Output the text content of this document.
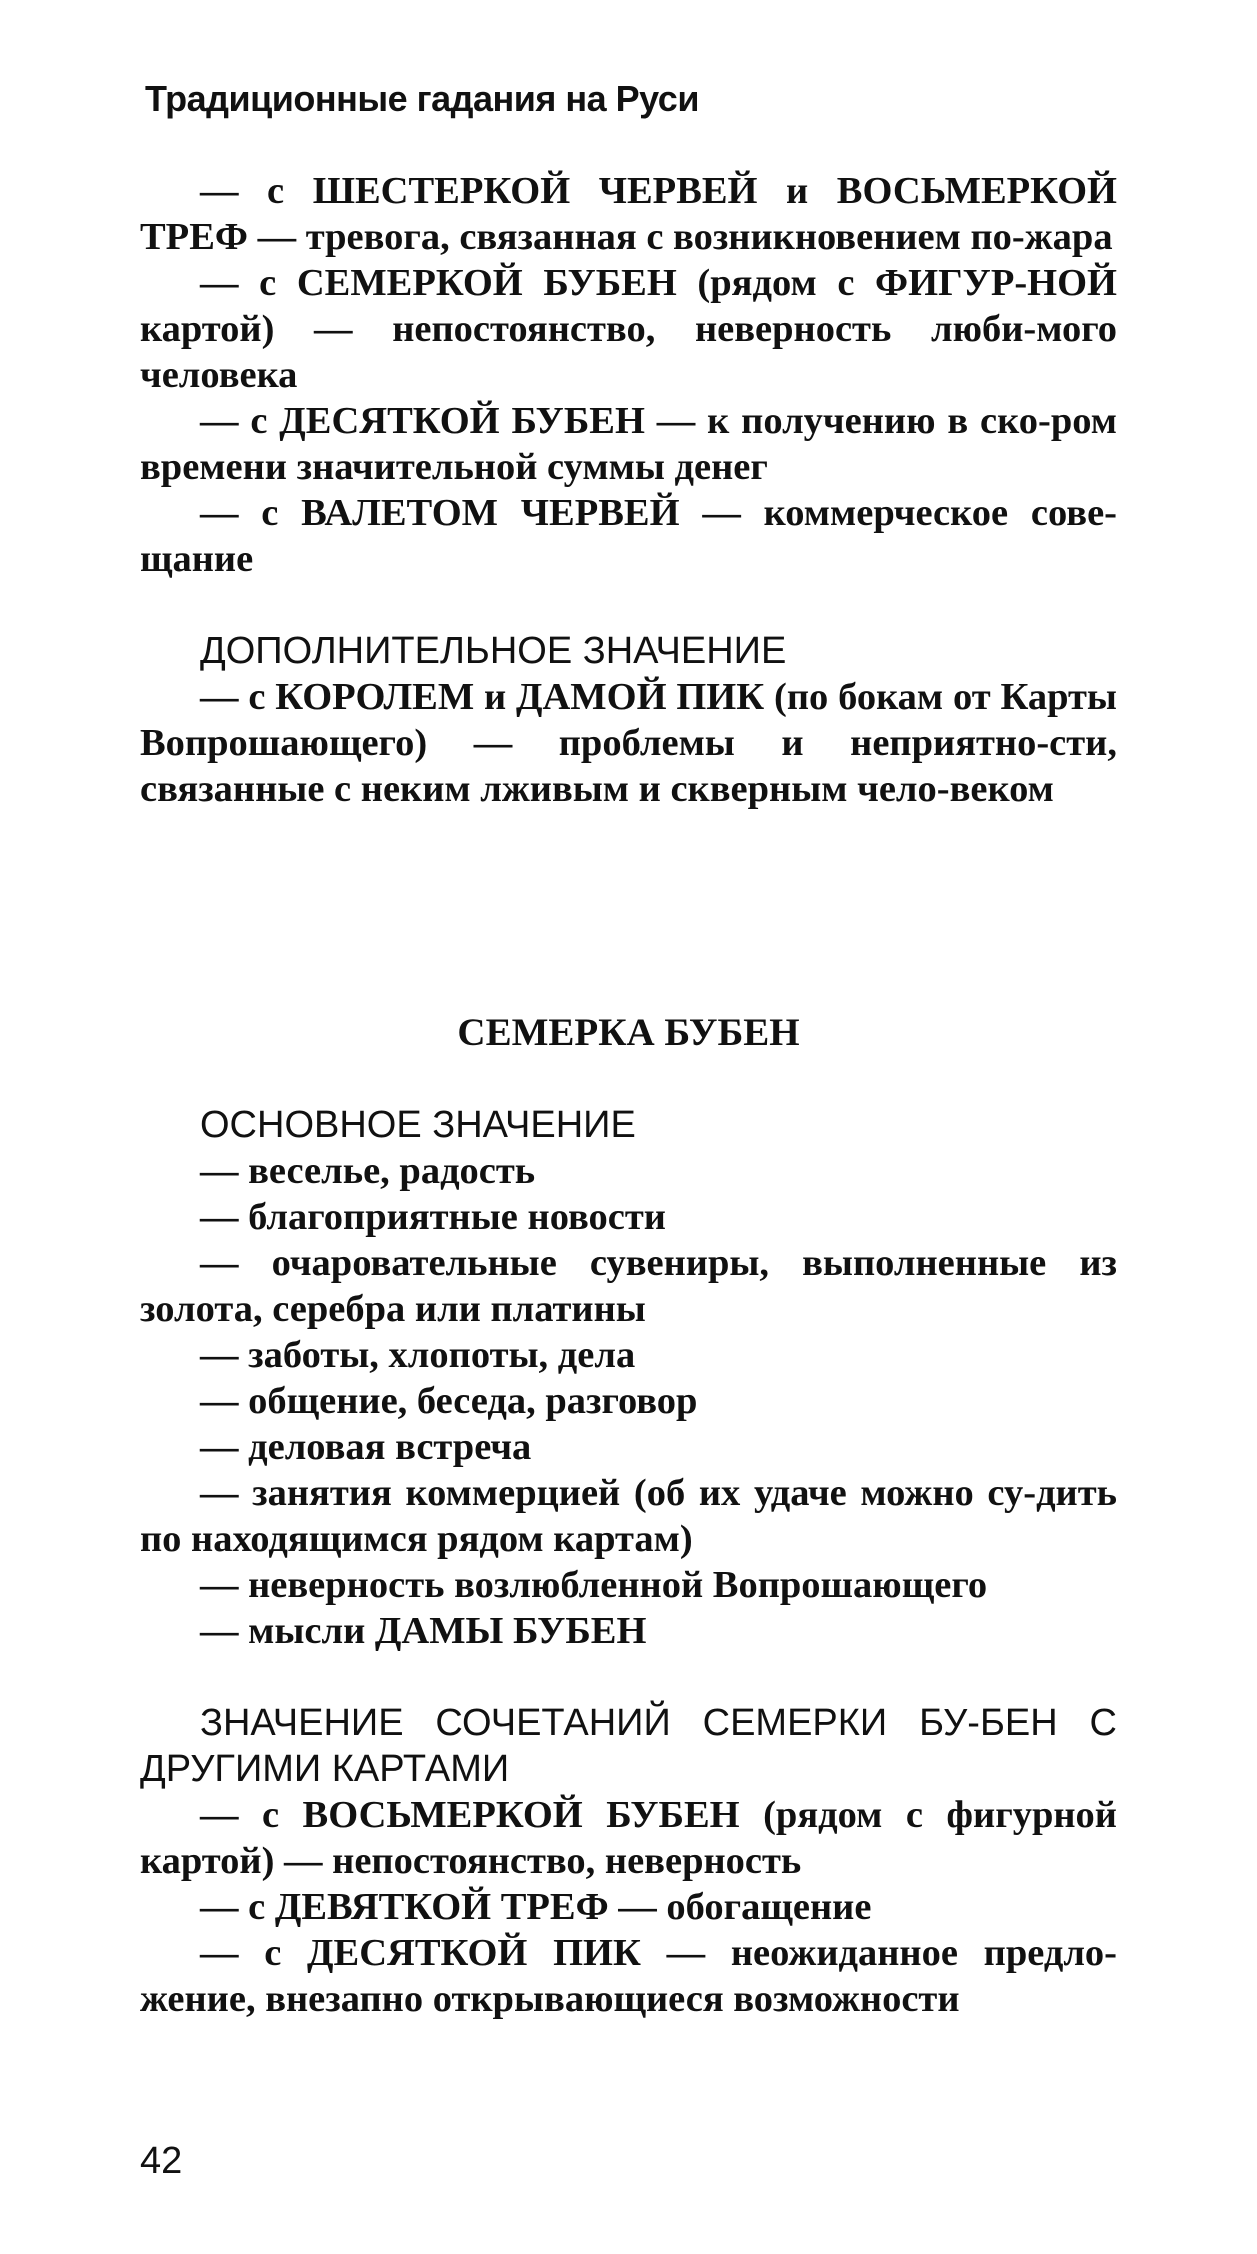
Традиционные гадания на Руси

— с ШЕСТЕРКОЙ ЧЕРВЕЙ и ВОСЬМЕРКОЙ ТРЕФ — тревога, связанная с возникновением по-жара

— с СЕМЕРКОЙ БУБЕН (рядом с ФИГУР-НОЙ картой) — непостоянство, неверность люби-мого человека

— с ДЕСЯТКОЙ БУБЕН — к получению в ско-ром времени значительной суммы денег

— с ВАЛЕТОМ ЧЕРВЕЙ — коммерческое сове-щание

ДОПОЛНИТЕЛЬНОЕ ЗНАЧЕНИЕ

— с КОРОЛЕМ и ДАМОЙ ПИК (по бокам от Карты Вопрошающего) — проблемы и неприятно-сти, связанные с неким лживым и скверным чело-веком

СЕМЕРКА БУБЕН

ОСНОВНОЕ ЗНАЧЕНИЕ

— веселье, радость

— благоприятные новости

— очаровательные сувениры, выполненные из золота, серебра или платины

— заботы, хлопоты, дела

— общение, беседа, разговор

— деловая встреча

— занятия коммерцией (об их удаче можно су-дить по находящимся рядом картам)

— неверность возлюбленной Вопрошающего

— мысли ДАМЫ БУБЕН

ЗНАЧЕНИЕ СОЧЕТАНИЙ СЕМЕРКИ БУ-БЕН С ДРУГИМИ КАРТАМИ

— с ВОСЬМЕРКОЙ БУБЕН (рядом с фигурной картой) — непостоянство, неверность

— с ДЕВЯТКОЙ ТРЕФ — обогащение

— с ДЕСЯТКОЙ ПИК — неожиданное предло-жение, внезапно открывающиеся возможности

42
